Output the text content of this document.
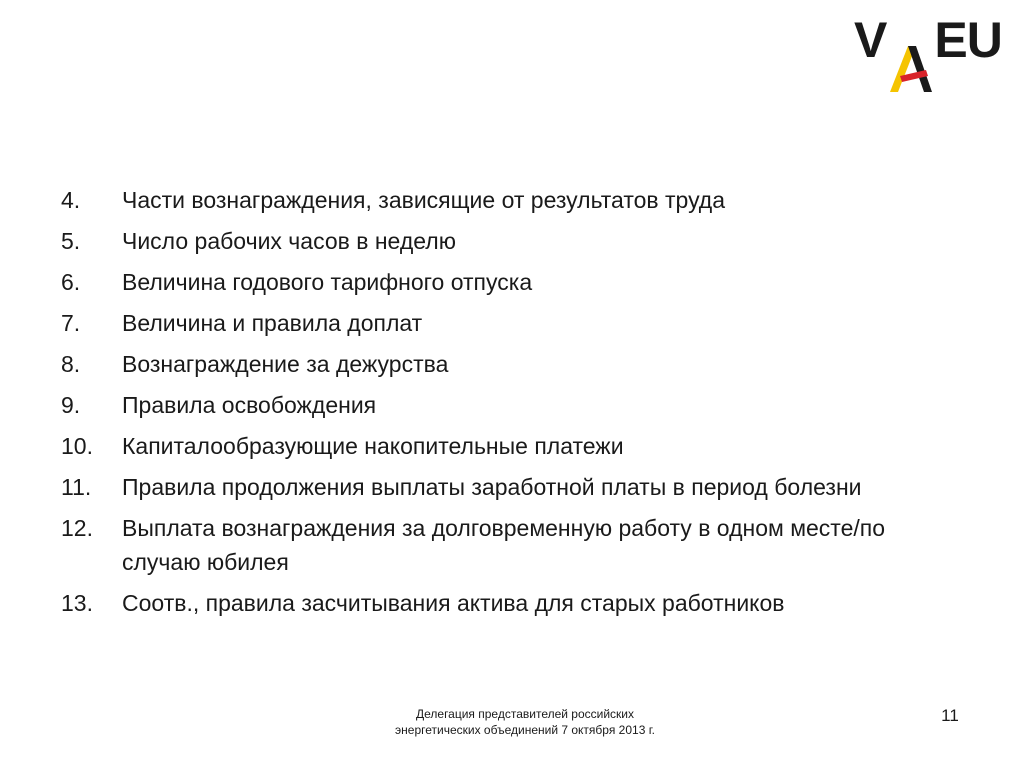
V E U
4.	Части вознаграждения, зависящие от результатов труда
5.	Число рабочих часов в неделю
6.	Величина годового тарифного отпуска
7.	Величина и правила доплат
8.	Вознаграждение за дежурства
9.	Правила освобождения
10.	Капиталообразующие накопительные платежи
11.	Правила продолжения выплаты заработной платы в период болезни
12.	Выплата вознаграждения за долговременную работу в одном месте/по случаю юбилея
13.	Соотв., правила засчитывания актива для старых работников
Делегация представителей российских
энергетических объединений 7 октября 2013 г.
11
